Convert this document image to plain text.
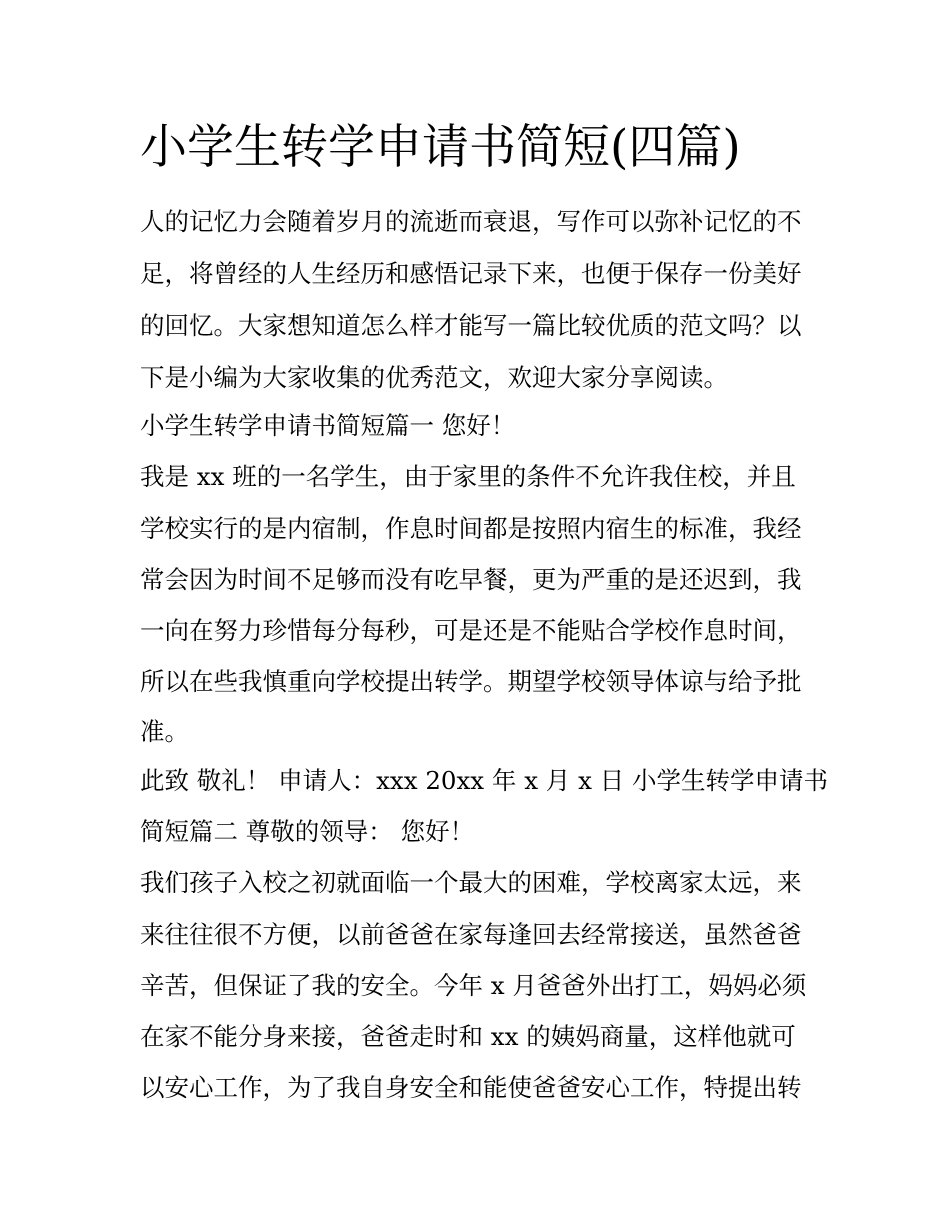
小学生转学申请书简短(四篇)

人的记忆力会随着岁月的流逝而衰退，写作可以弥补记忆的不

足，将曾经的人生经历和感悟记录下来，也便于保存一份美好

的回忆。大家想知道怎么样才能写一篇比较优质的范文吗？以

下是小编为大家收集的优秀范文，欢迎大家分享阅读。

小学生转学申请书简短篇一 您好！

我是 xx 班的一名学生，由于家里的条件不允许我住校，并且

学校实行的是内宿制，作息时间都是按照内宿生的标准，我经

常会因为时间不足够而没有吃早餐，更为严重的是还迟到，我

一向在努力珍惜每分每秒，可是还是不能贴合学校作息时间，

所以在些我慎重向学校提出转学。期望学校领导体谅与给予批

准。

此致 敬礼！ 申请人：xxx 20xx 年 x 月 x 日 小学生转学申请书

简短篇二 尊敬的领导： 您好！

我们孩子入校之初就面临一个最大的困难，学校离家太远，来

来往往很不方便，以前爸爸在家每逢回去经常接送，虽然爸爸

辛苦，但保证了我的安全。今年 x 月爸爸外出打工，妈妈必须

在家不能分身来接，爸爸走时和 xx 的姨妈商量，这样他就可

以安心工作，为了我自身安全和能使爸爸安心工作，特提出转
